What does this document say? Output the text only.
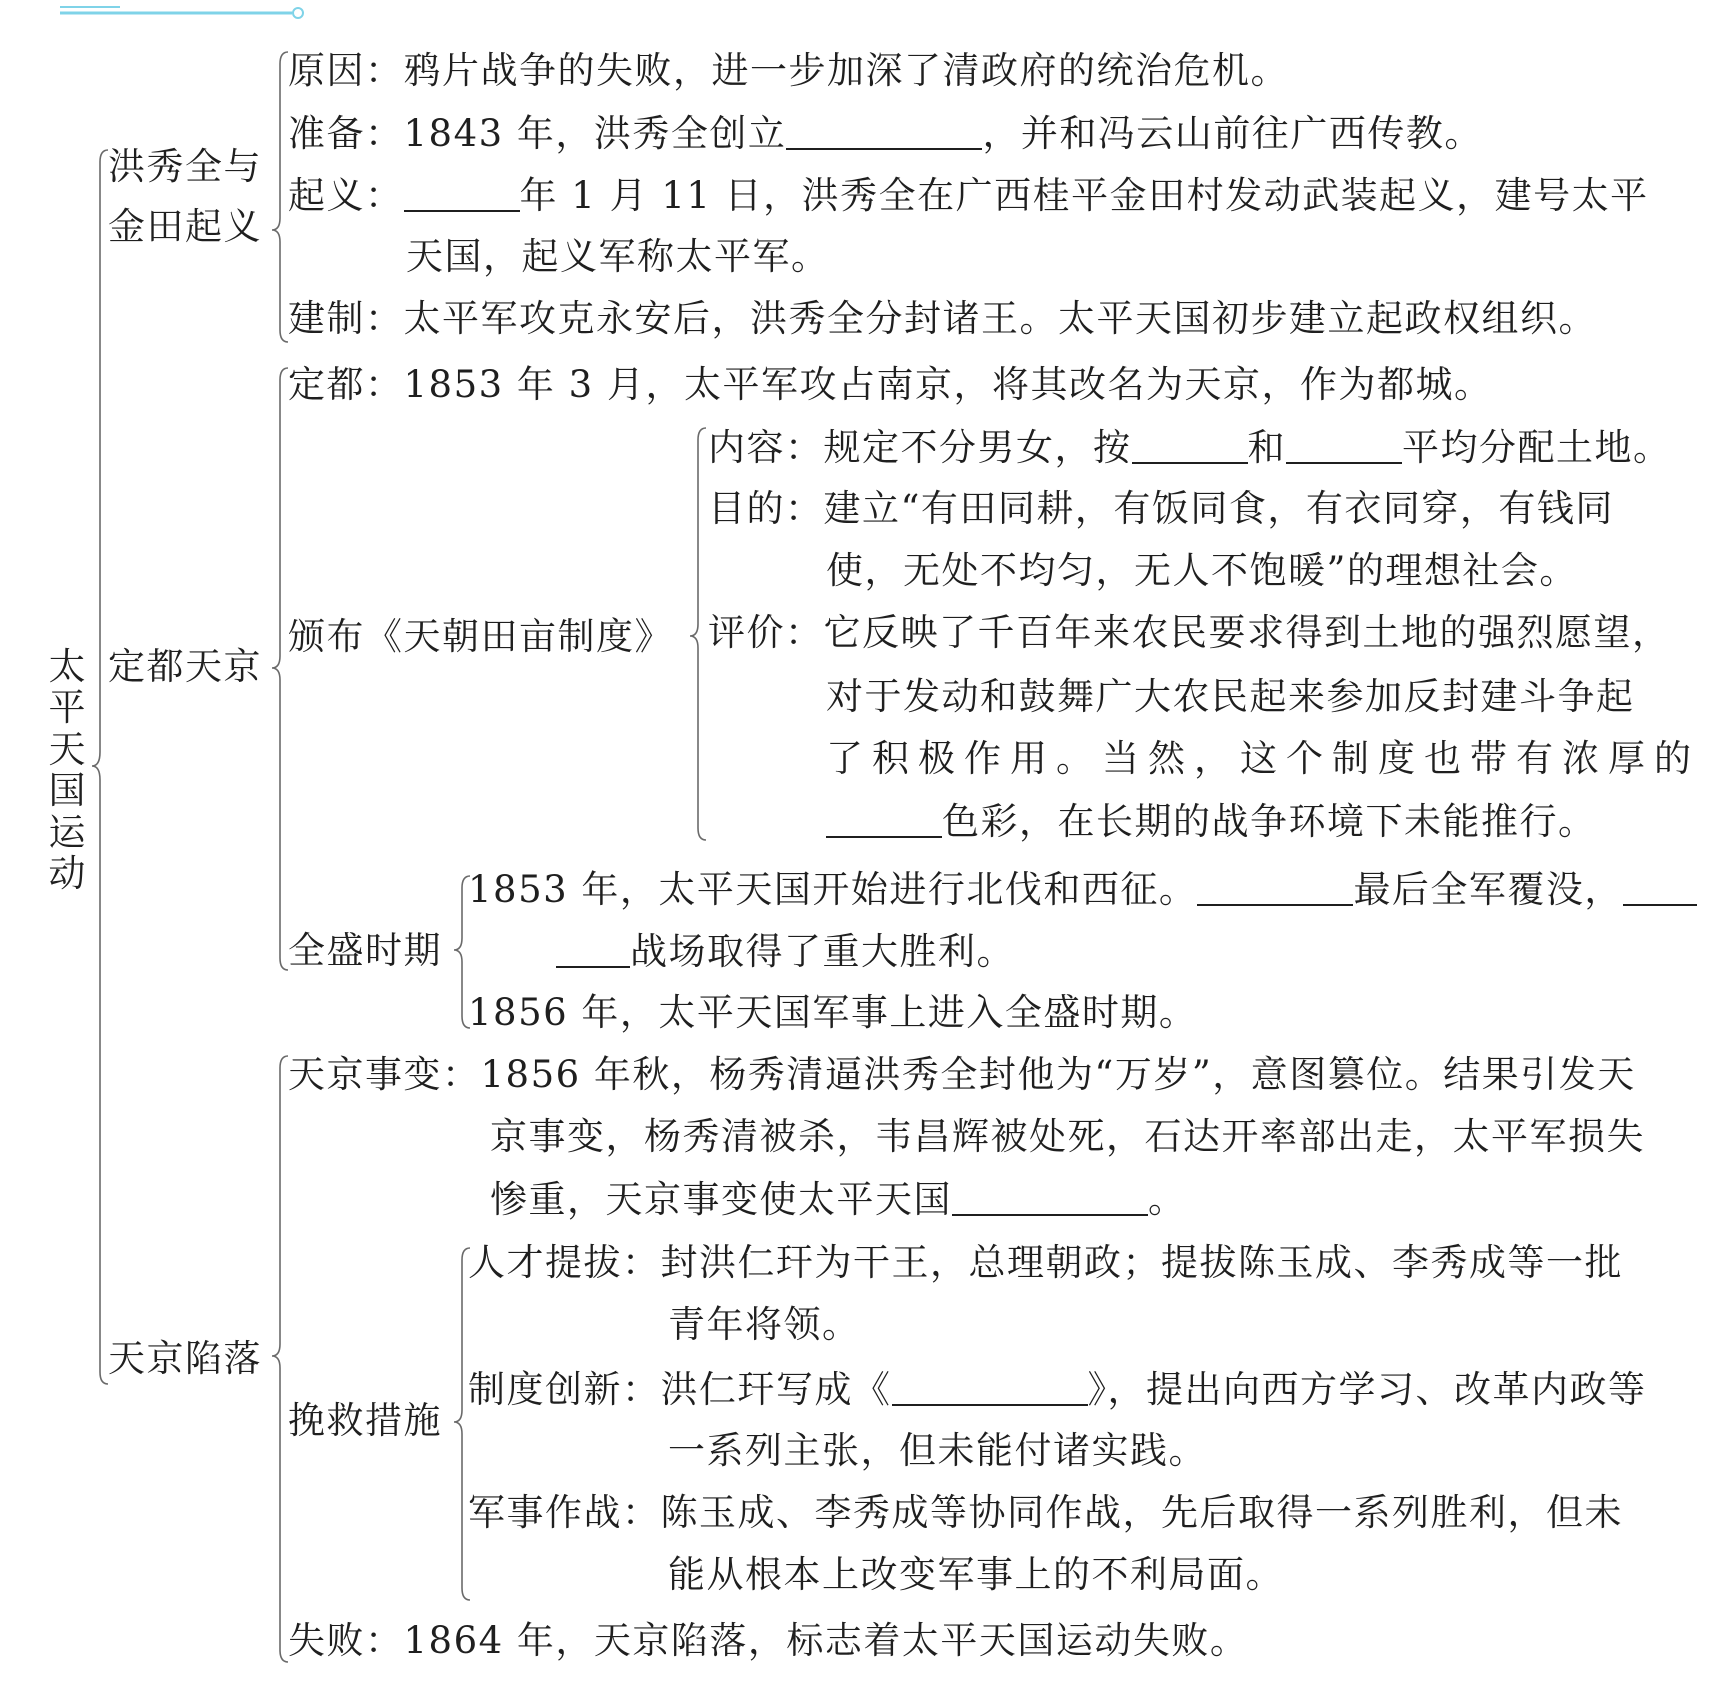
太
平
天
国
运
动
洪秀全与
金田起义
原因：鸦片战争的失败，进一步加深了清政府的统治危机。
准备：1843 年，洪秀全创立	，并和冯云山前往广西传教。
起义：	年 1 月 11 日，洪秀全在广西桂平金田村发动武装起义，建号太平
天国，起义军称太平军。
建制：太平军攻克永安后，洪秀全分封诸王。太平天国初步建立起政权组织。
定都天京
定都：1853 年 3 月，太平军攻占南京，将其改名为天京，作为都城。
颁布《天朝田亩制度》
内容：规定不分男女，按	和	平均分配土地。
目的：建立“有田同耕，有饭同食，有衣同穿，有钱同
使，无处不均匀，无人不饱暖”的理想社会。
评价：它反映了千百年来农民要求得到土地的强烈愿望，
对于发动和鼓舞广大农民起来参加反封建斗争起
了积极作用。当然，这个制度也带有浓厚的
色彩，在长期的战争环境下未能推行。
全盛时期
1853 年，太平天国开始进行北伐和西征。	最后全军覆没，
战场取得了重大胜利。
1856 年，太平天国军事上进入全盛时期。
天京陷落
天京事变：1856 年秋，杨秀清逼洪秀全封他为“万岁”，意图篡位。结果引发天
京事变，杨秀清被杀，韦昌辉被处死，石达开率部出走，太平军损失
惨重，天京事变使太平天国	。
挽救措施
人才提拔：封洪仁玕为干王，总理朝政；提拔陈玉成、李秀成等一批
青年将领。
制度创新：洪仁玕写成《	》，提出向西方学习、改革内政等
一系列主张，但未能付诸实践。
军事作战：陈玉成、李秀成等协同作战，先后取得一系列胜利，但未
能从根本上改变军事上的不利局面。
失败：1864 年，天京陷落，标志着太平天国运动失败。
